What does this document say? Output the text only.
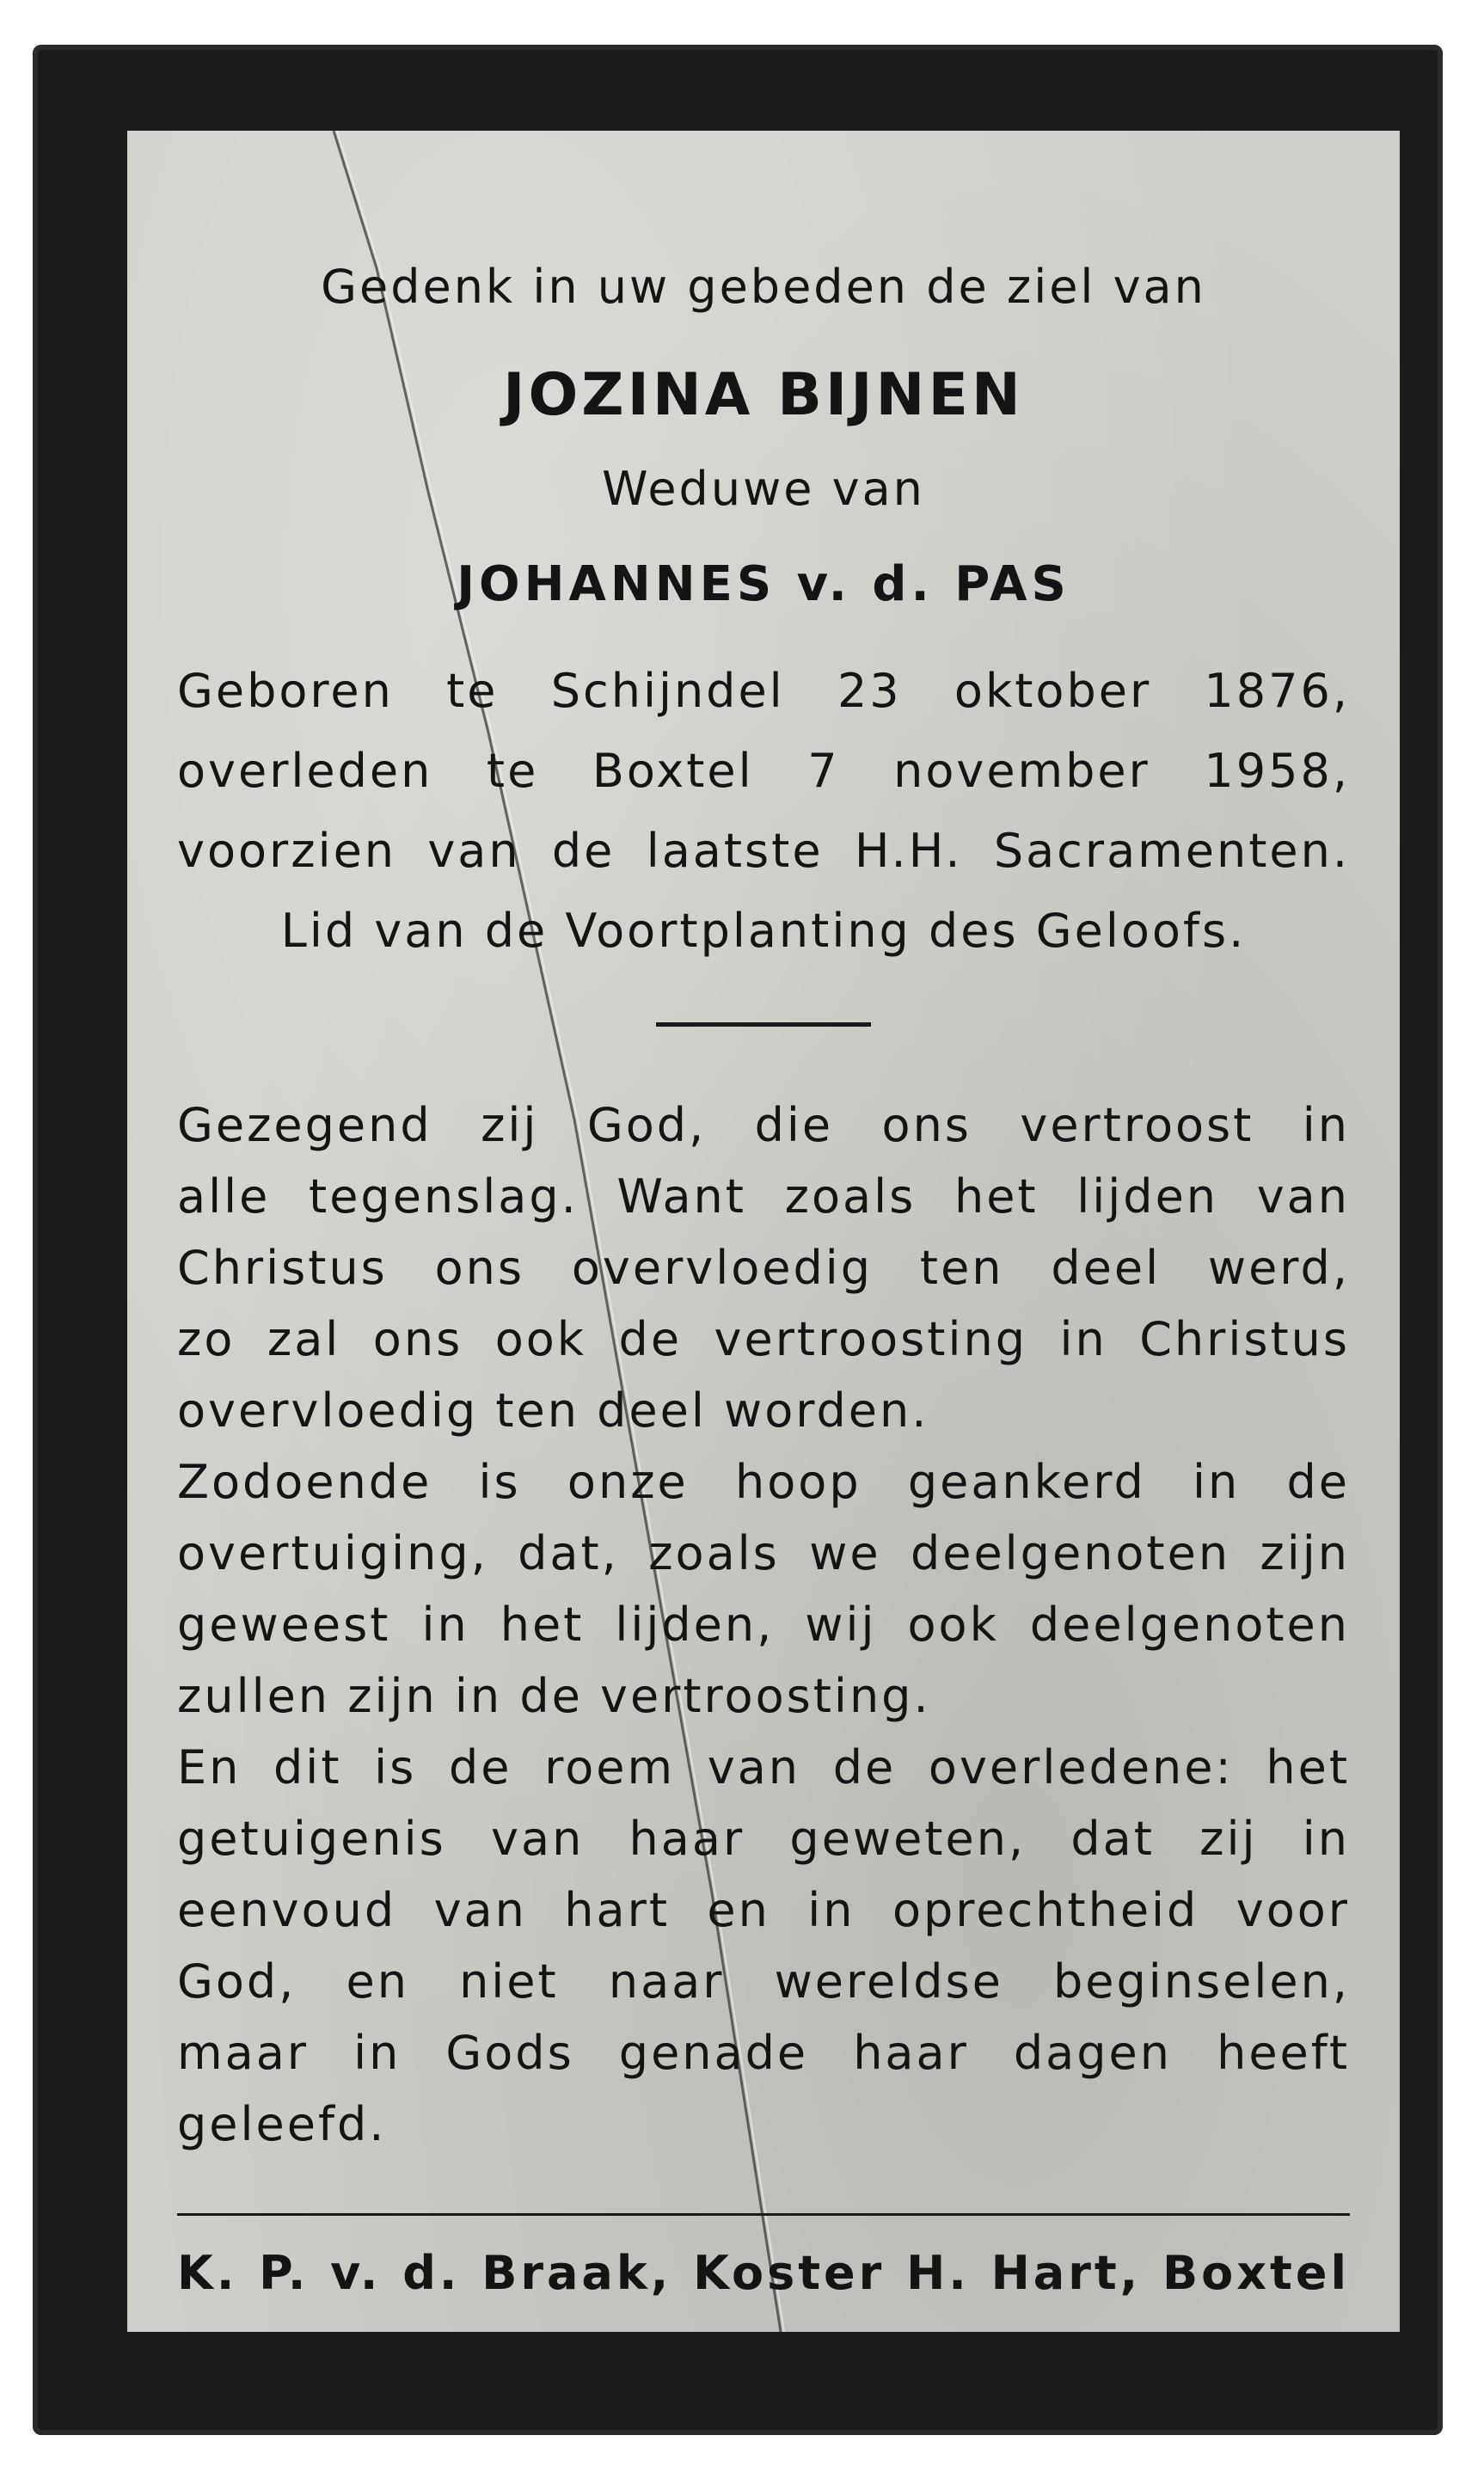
Gedenk in uw gebeden de ziel van
JOZINA BIJNEN
Weduwe van
JOHANNES v. d. PAS
Geboren te Schijndel 23 oktober 1876,
overleden te Boxtel 7 november 1958,
voorzien van de laatste H.H. Sacramenten.
Lid van de Voortplanting des Geloofs.
Gezegend zij God, die ons vertroost in
alle tegenslag. Want zoals het lijden van
Christus ons overvloedig ten deel werd,
zo zal ons ook de vertroosting in Christus
overvloedig ten deel worden.
Zodoende is onze hoop geankerd in de
overtuiging, dat, zoals we deelgenoten zijn
geweest in het lijden, wij ook deelgenoten
zullen zijn in de vertroosting.
En dit is de roem van de overledene: het
getuigenis van haar geweten, dat zij in
eenvoud van hart en in oprechtheid voor
God, en niet naar wereldse beginselen,
maar in Gods genade haar dagen heeft
geleefd.
K. P. v. d. Braak, Koster H. Hart, Boxtel
